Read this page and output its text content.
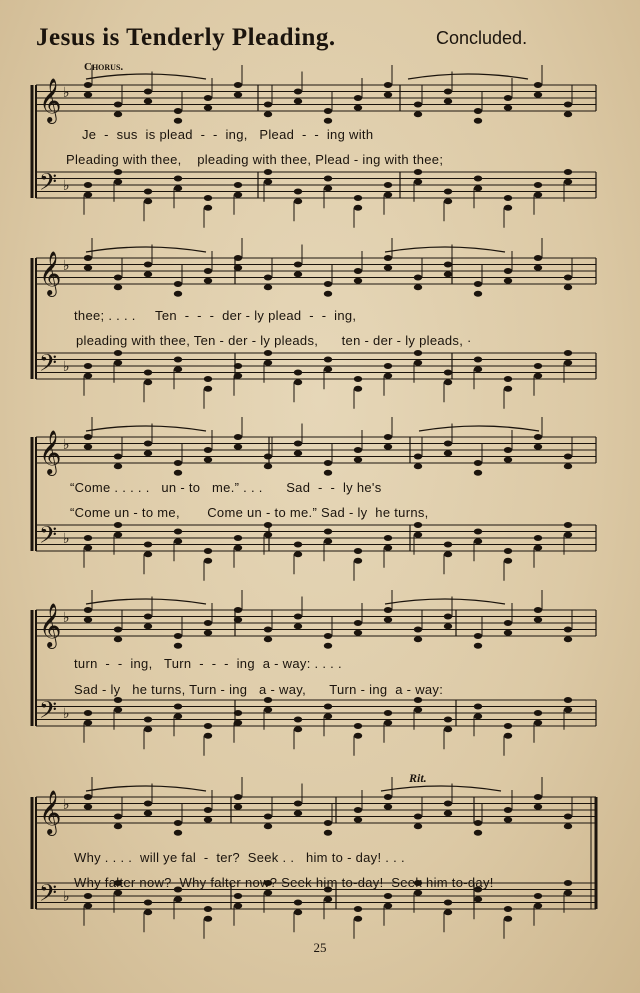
Jesus is Tenderly Pleading.	Concluded.
Chorus.
Rit.
𝄞 ♭
𝄢 ♭
𝄞 ♭
𝄢 ♭
𝄞 ♭
𝄢 ♭
𝄞 ♭
𝄢 ♭
𝄞 ♭
𝄢 ♭
Je  -  sus  is plead  -  -  ing,   Plead  -  -  ing with
Pleading with thee,    pleading with thee, Plead - ing with thee;
thee; . . . .     Ten  -  -  -  der - ly plead  -  -  ing,
pleading with thee, Ten - der - ly pleads,      ten - der - ly pleads, ·
“Come . . . . .   un - to   me.” . . .      Sad  -  -  ly he's
“Come un - to me,       Come un - to me.” Sad - ly  he turns,
turn  -  -  ing,   Turn  -  -  -  ing  a - way: . . . .
Sad - ly   he turns, Turn - ing   a - way,      Turn - ing  a - way:
Why . . . .  will ye fal  -  ter?  Seek . .   him to - day! . . .
Why falter now?  Why falter now? Seek him to-day!  Seek him to-day!
25
